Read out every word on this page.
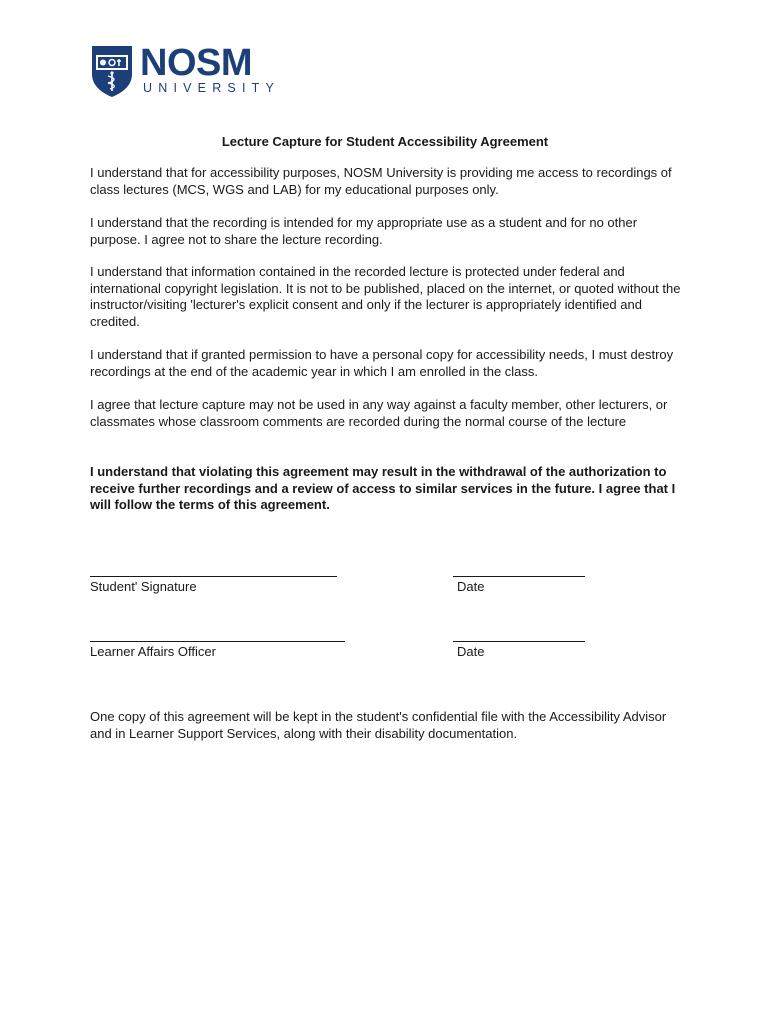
NOSM
UNIVERSITY
Lecture Capture for Student Accessibility Agreement

I understand that for accessibility purposes, NOSM University is providing me access to recordings of class lectures (MCS, WGS and LAB) for my educational purposes only.

I understand that the recording is intended for my appropriate use as a student and for no other purpose. I agree not to share the lecture recording.

I understand that information contained in the recorded lecture is protected under federal and international copyright legislation. It is not to be published, placed on the internet, or quoted without the instructor/visiting 'lecturer's explicit consent and only if the lecturer is appropriately identified and credited.

I understand that if granted permission to have a personal copy for accessibility needs, I must destroy recordings at the end of the academic year in which I am enrolled in the class.

I agree that lecture capture may not be used in any way against a faculty member, other lecturers, or classmates whose classroom comments are recorded during the normal course of the lecture

I understand that violating this agreement may result in the withdrawal of the authorization to receive further recordings and a review of access to similar services in the future. I agree that I will follow the terms of this agreement.

Student' Signature	Date
Learner Affairs Officer	Date

One copy of this agreement will be kept in the student's confidential file with the Accessibility Advisor and in Learner Support Services, along with their disability documentation.
